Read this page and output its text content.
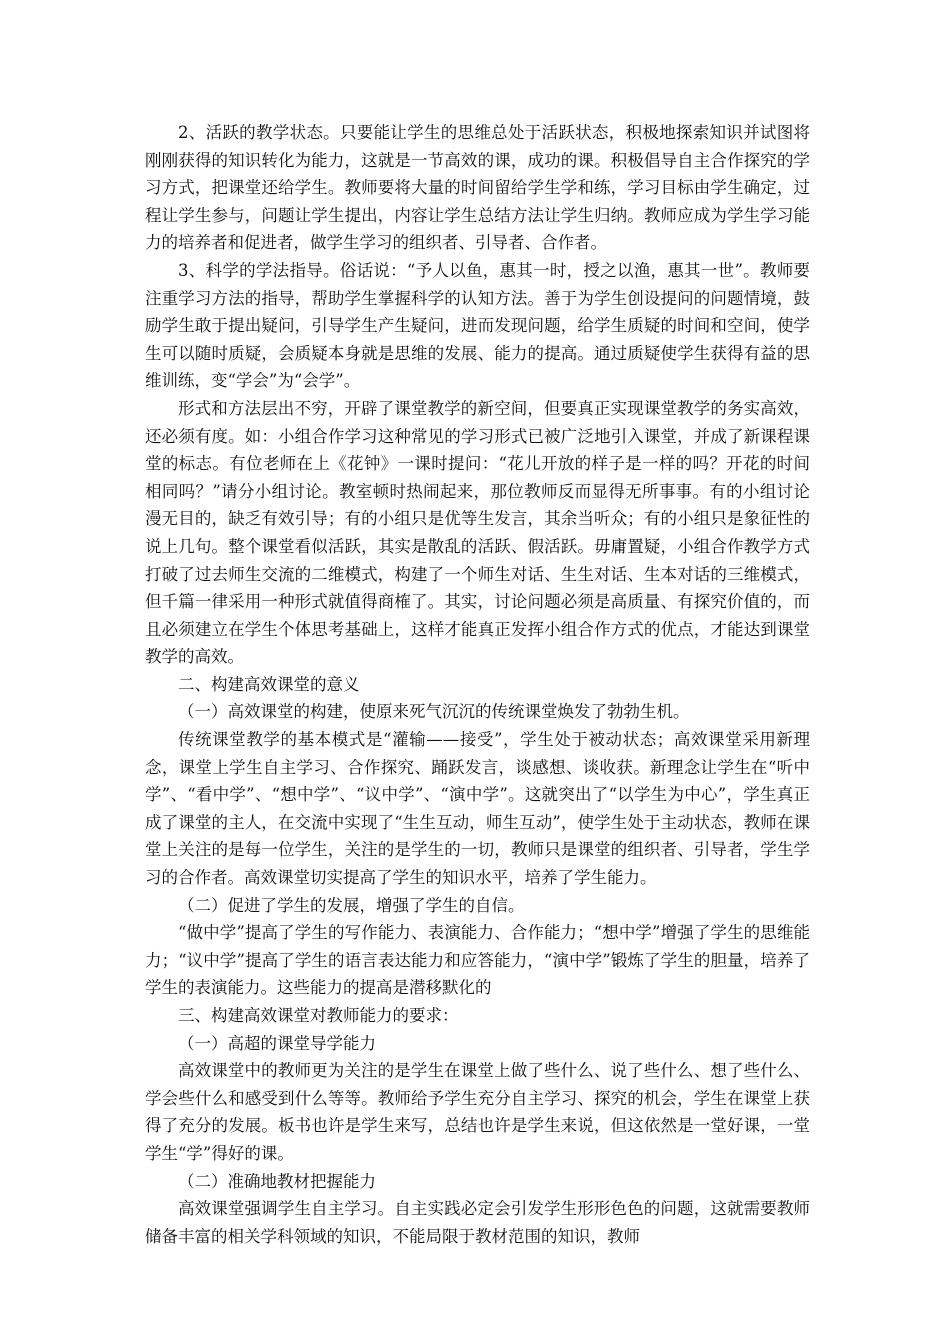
2、活跃的教学状态。只要能让学生的思维总处于活跃状态，积极地探索知识并试图将刚刚获得的知识转化为能力，这就是一节高效的课，成功的课。积极倡导自主合作探究的学习方式，把课堂还给学生。教师要将大量的时间留给学生学和练，学习目标由学生确定，过程让学生参与，问题让学生提出，内容让学生总结方法让学生归纳。教师应成为学生学习能力的培养者和促进者，做学生学习的组织者、引导者、合作者。

3、科学的学法指导。俗话说：“予人以鱼，惠其一时，授之以渔，惠其一世”。教师要注重学习方法的指导，帮助学生掌握科学的认知方法。善于为学生创设提问的问题情境，鼓励学生敢于提出疑问，引导学生产生疑问，进而发现问题，给学生质疑的时间和空间，使学生可以随时质疑，会质疑本身就是思维的发展、能力的提高。通过质疑使学生获得有益的思维训练，变“学会”为“会学”。

形式和方法层出不穷，开辟了课堂教学的新空间，但要真正实现课堂教学的务实高效，还必须有度。如：小组合作学习这种常见的学习形式已被广泛地引入课堂，并成了新课程课堂的标志。有位老师在上《花钟》一课时提问：“花儿开放的样子是一样的吗？开花的时间相同吗？”请分小组讨论。教室顿时热闹起来，那位教师反而显得无所事事。有的小组讨论漫无目的，缺乏有效引导；有的小组只是优等生发言，其余当听众；有的小组只是象征性的说上几句。整个课堂看似活跃，其实是散乱的活跃、假活跃。毋庸置疑，小组合作教学方式打破了过去师生交流的二维模式，构建了一个师生对话、生生对话、生本对话的三维模式，但千篇一律采用一种形式就值得商榷了。其实，讨论问题必须是高质量、有探究价值的，而且必须建立在学生个体思考基础上，这样才能真正发挥小组合作方式的优点，才能达到课堂教学的高效。

二、构建高效课堂的意义

（一）高效课堂的构建，使原来死气沉沉的传统课堂焕发了勃勃生机。

传统课堂教学的基本模式是“灌输——接受”，学生处于被动状态；高效课堂采用新理念，课堂上学生自主学习、合作探究、踊跃发言，谈感想、谈收获。新理念让学生在“听中学”、“看中学”、“想中学”、“议中学”、“演中学”。这就突出了“以学生为中心”，学生真正成了课堂的主人，在交流中实现了“生生互动，师生互动”，使学生处于主动状态，教师在课堂上关注的是每一位学生，关注的是学生的一切，教师只是课堂的组织者、引导者，学生学习的合作者。高效课堂切实提高了学生的知识水平，培养了学生能力。

（二）促进了学生的发展，增强了学生的自信。

“做中学”提高了学生的写作能力、表演能力、合作能力；“想中学”增强了学生的思维能力；“议中学”提高了学生的语言表达能力和应答能力，“演中学”锻炼了学生的胆量，培养了学生的表演能力。这些能力的提高是潜移默化的

三、构建高效课堂对教师能力的要求：

（一）高超的课堂导学能力

高效课堂中的教师更为关注的是学生在课堂上做了些什么、说了些什么、想了些什么、学会些什么和感受到什么等等。教师给予学生充分自主学习、探究的机会，学生在课堂上获得了充分的发展。板书也许是学生来写，总结也许是学生来说，但这依然是一堂好课，一堂学生“学”得好的课。

（二）准确地教材把握能力

高效课堂强调学生自主学习。自主实践必定会引发学生形形色色的问题，这就需要教师储备丰富的相关学科领域的知识，不能局限于教材范围的知识，教师
